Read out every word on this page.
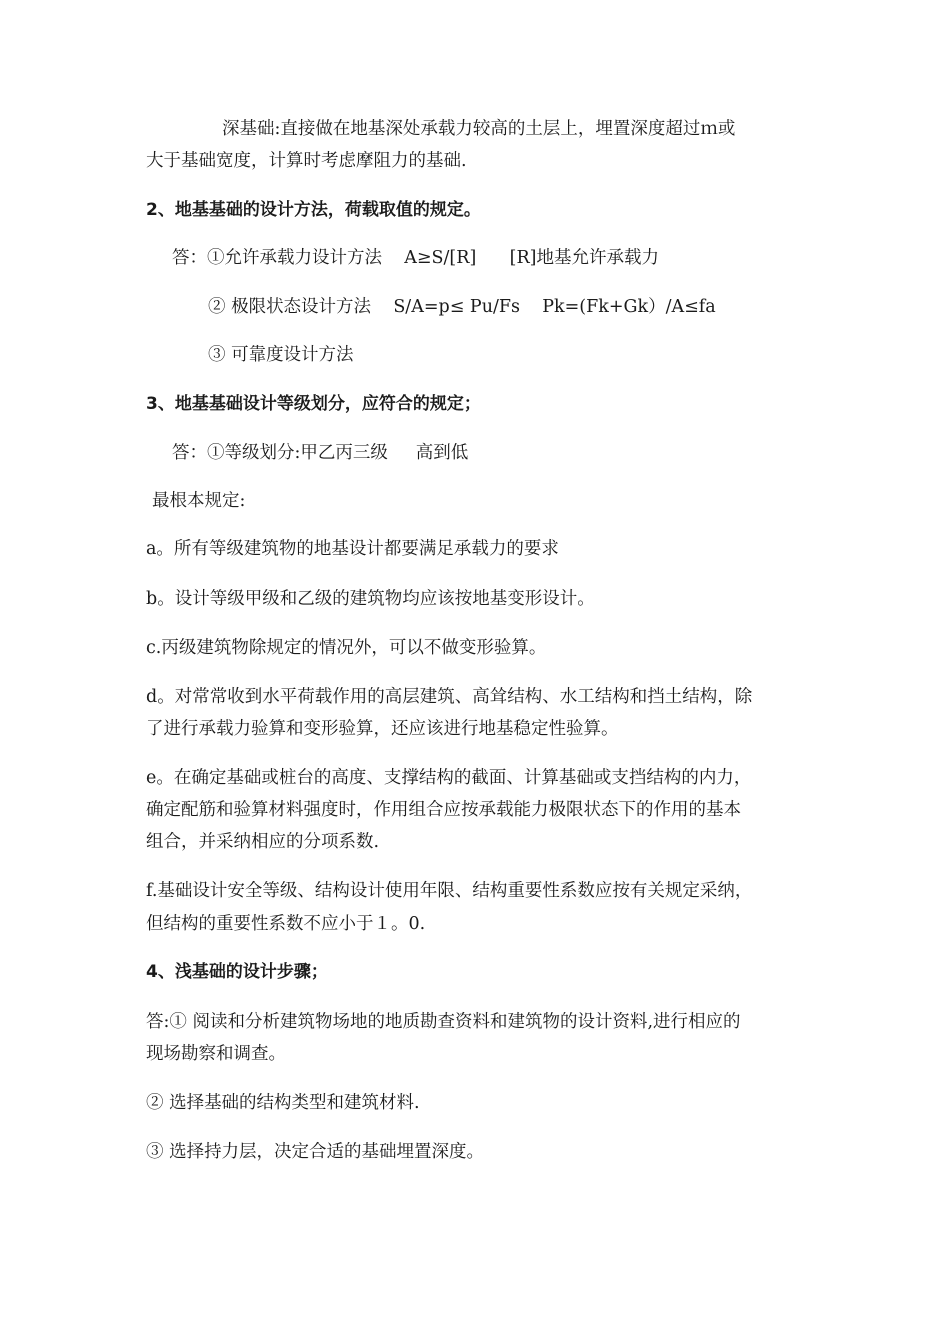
深基础:直接做在地基深处承载力较高的土层上，埋置深度超过ｍ或
大于基础宽度，计算时考虑摩阻力的基础.
2、地基基础的设计方法，荷载取值的规定。
答：①允许承载力设计方法    A≥S/[R]      [R]地基允许承载力
② 极限状态设计方法    S/A=p≤ Pu/Fs    Pk=(Fk+Gk）/A≤fa
③ 可靠度设计方法
3、地基基础设计等级划分，应符合的规定；
答：①等级划分:甲乙丙三级     高到低
最根本规定:
a。所有等级建筑物的地基设计都要满足承载力的要求
b。设计等级甲级和乙级的建筑物均应该按地基变形设计。
c.丙级建筑物除规定的情况外，可以不做变形验算。
d。对常常收到水平荷载作用的高层建筑、高耸结构、水工结构和挡土结构，除
了进行承载力验算和变形验算，还应该进行地基稳定性验算。
e。在确定基础或桩台的高度、支撑结构的截面、计算基础或支挡结构的内力，
确定配筋和验算材料强度时，作用组合应按承载能力极限状态下的作用的基本
组合，并采纳相应的分项系数.
f.基础设计安全等级、结构设计使用年限、结构重要性系数应按有关规定采纳，
但结构的重要性系数不应小于１。0.
4、浅基础的设计步骤；
答:① 阅读和分析建筑物场地的地质勘查资料和建筑物的设计资料,进行相应的
现场勘察和调查。
② 选择基础的结构类型和建筑材料.
③ 选择持力层，决定合适的基础埋置深度。
